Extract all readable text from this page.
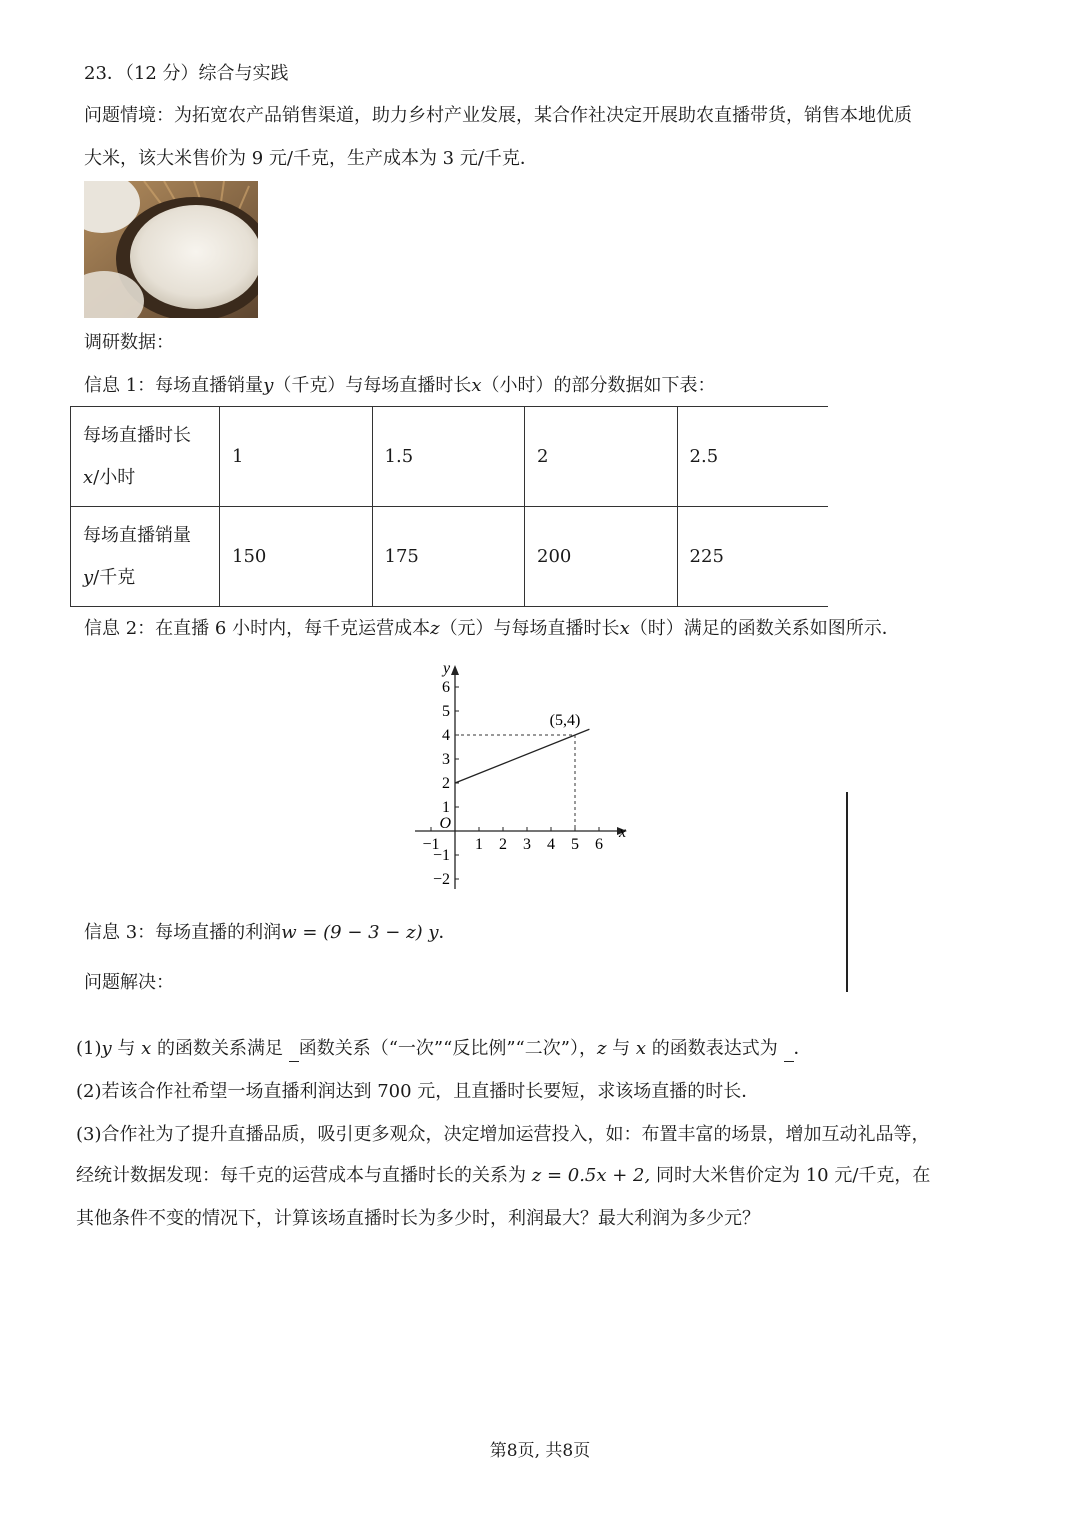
23．（12 分）综合与实践
问题情境：为拓宽农产品销售渠道，助力乡村产业发展，某合作社决定开展助农直播带货，销售本地优质
大米，该大米售价为 9 元/千克，生产成本为 3 元/千克．
调研数据：
信息 1：每场直播销量y（千克）与每场直播时长x（小时）的部分数据如下表：
每场直播时长
x/小时	1	1.5	2	2.5
每场直播销量
y/千克	150	175	200	225
信息 2：在直播 6 小时内，每千克运营成本z（元）与每场直播时长x（时）满足的函数关系如图所示．
−1 1 2 3 4 5 6
−2
−1
1
2
3
4
5
6
O
x
y
(5,4)
信息 3：每场直播的利润w = (9 − 3 − z) y．
问题解决：
(1)y 与 x 的函数关系满足 函数关系（“一次”“反比例”“二次”），z 与 x 的函数表达式为 ．
(2)若该合作社希望一场直播利润达到 700 元，且直播时长要短，求该场直播的时长．
(3)合作社为了提升直播品质，吸引更多观众，决定增加运营投入，如：布置丰富的场景，增加互动礼品等，
经统计数据发现：每千克的运营成本与直播时长的关系为 z = 0.5x + 2, 同时大米售价定为 10 元/千克，在
其他条件不变的情况下，计算该场直播时长为多少时，利润最大？最大利润为多少元？
第8页, 共8页
